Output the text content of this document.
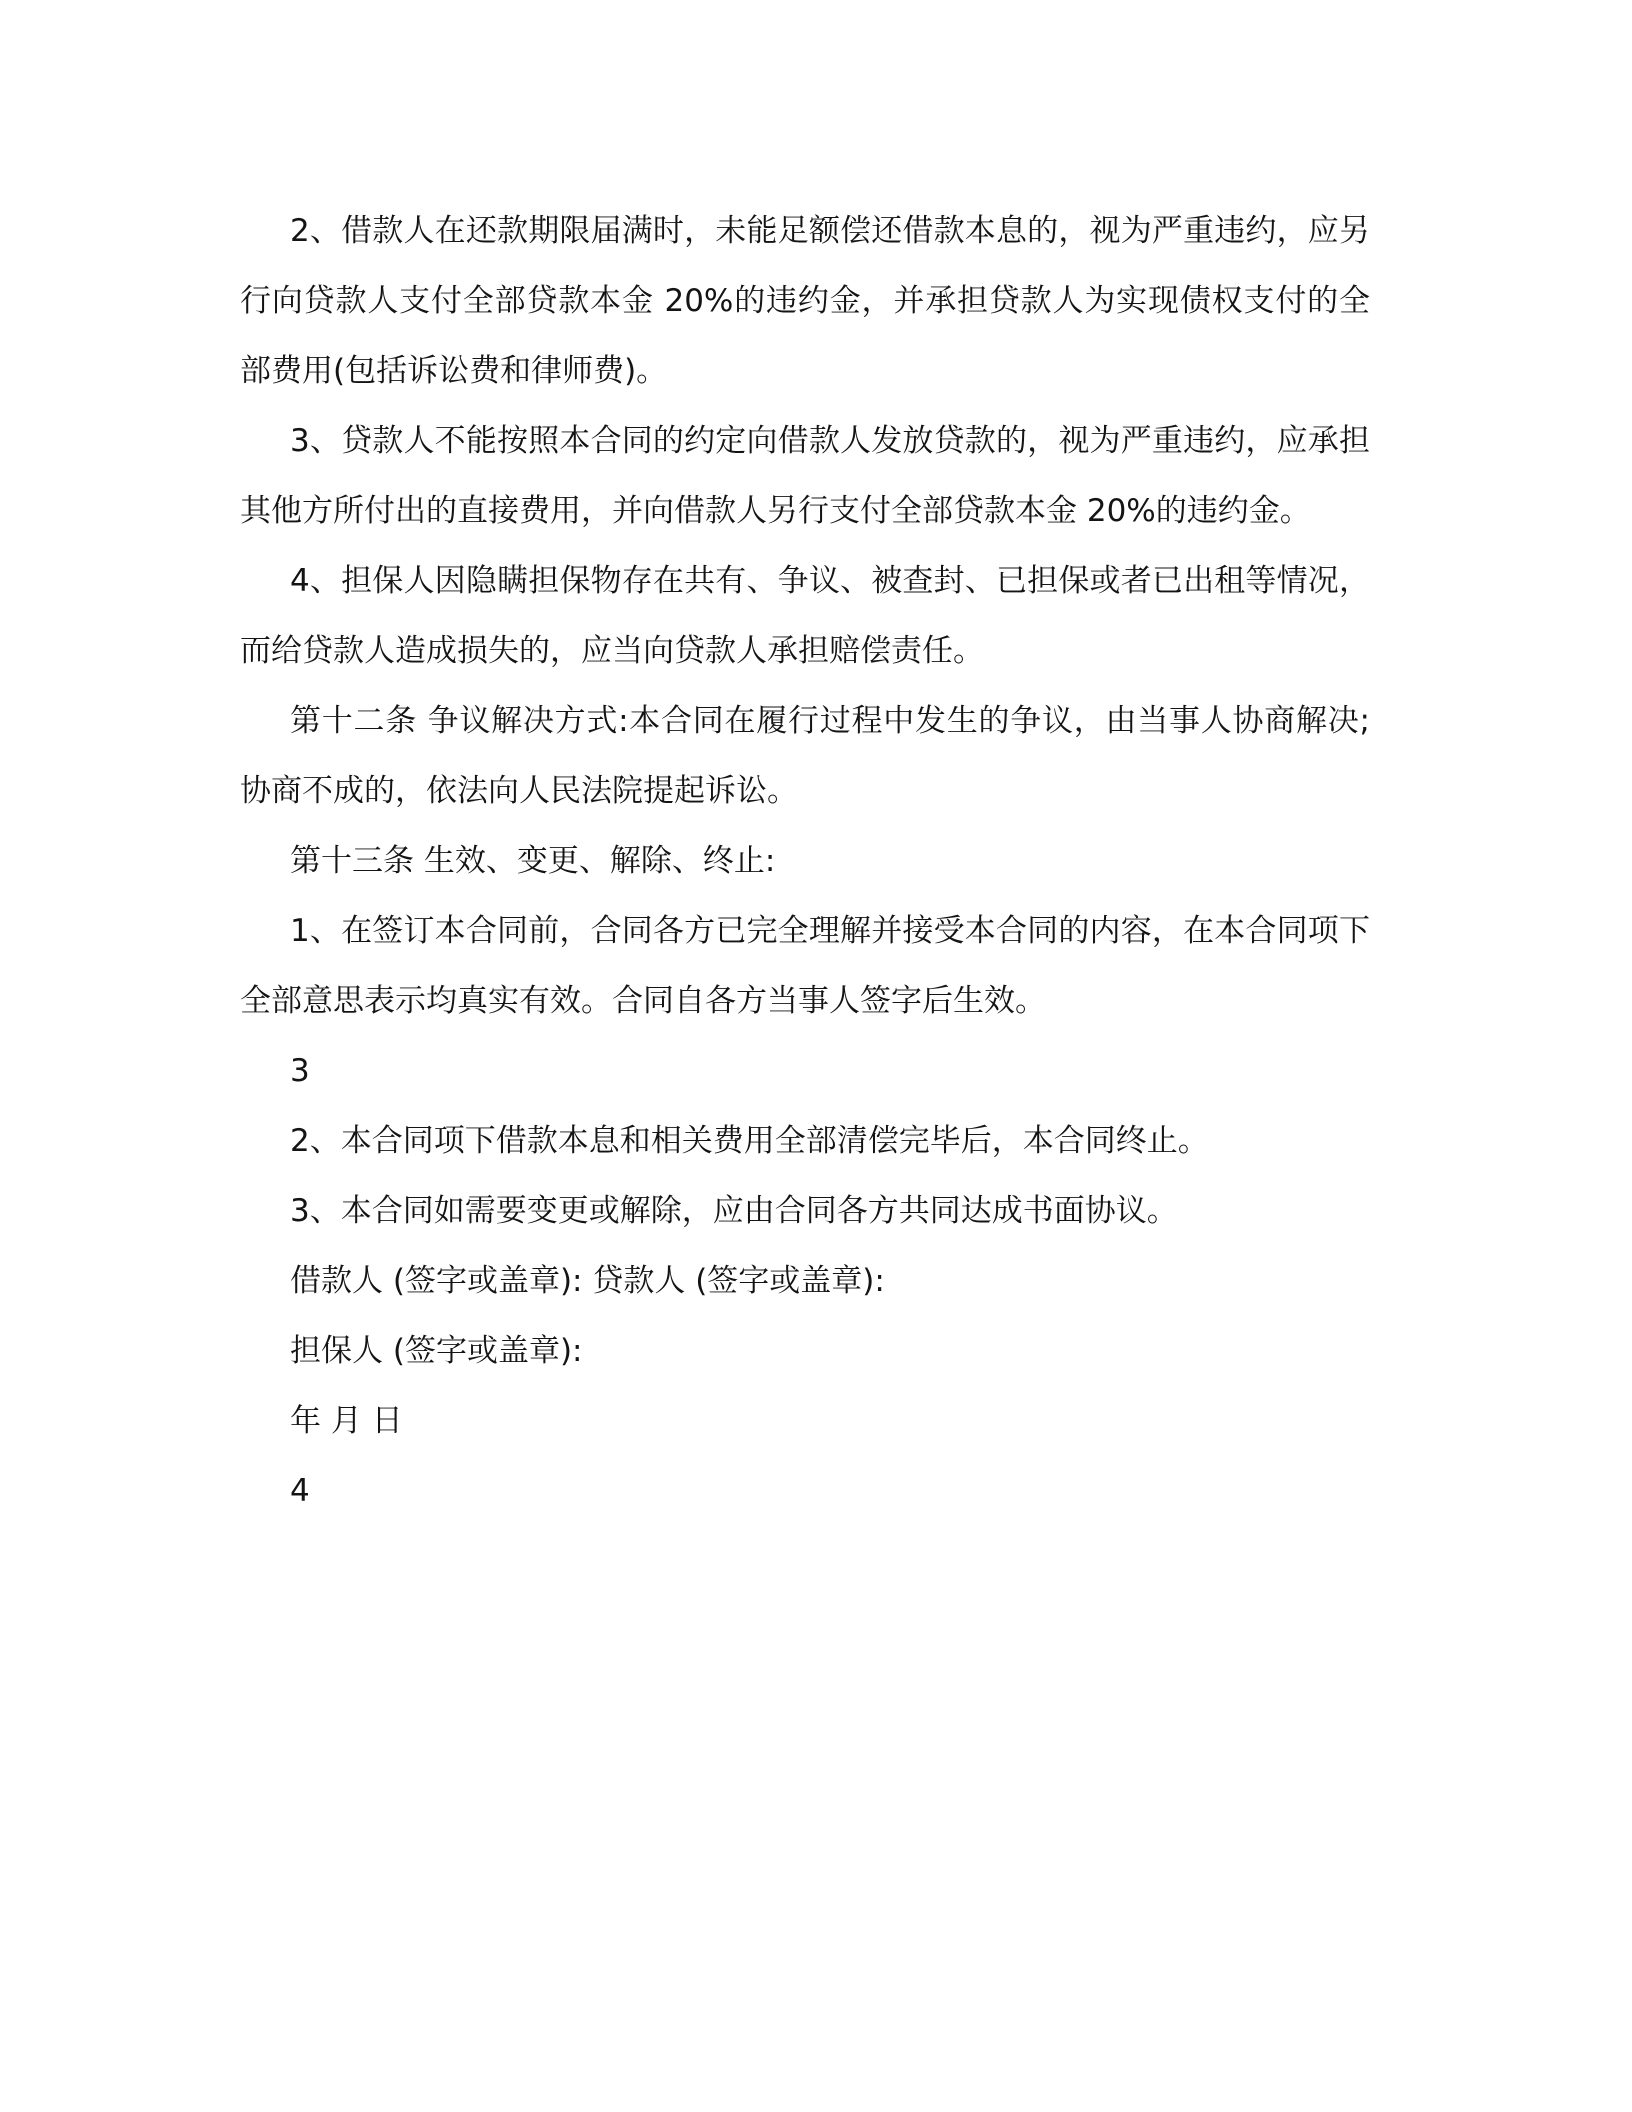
2、借款人在还款期限届满时，未能足额偿还借款本息的，视为严重违约，应另行向贷款人支付全部贷款本金 20%的违约金，并承担贷款人为实现债权支付的全部费用(包括诉讼费和律师费)。

3、贷款人不能按照本合同的约定向借款人发放贷款的，视为严重违约，应承担其他方所付出的直接费用，并向借款人另行支付全部贷款本金 20%的违约金。

4、担保人因隐瞒担保物存在共有、争议、被查封、已担保或者已出租等情况，而给贷款人造成损失的，应当向贷款人承担赔偿责任。

第十二条 争议解决方式:本合同在履行过程中发生的争议，由当事人协商解决;协商不成的，依法向人民法院提起诉讼。

第十三条 生效、变更、解除、终止:

1、在签订本合同前，合同各方已完全理解并接受本合同的内容，在本合同项下全部意思表示均真实有效。合同自各方当事人签字后生效。

3

2、本合同项下借款本息和相关费用全部清偿完毕后，本合同终止。

3、本合同如需要变更或解除，应由合同各方共同达成书面协议。

借款人 (签字或盖章): 贷款人 (签字或盖章):

担保人 (签字或盖章):

年 月 日

4
